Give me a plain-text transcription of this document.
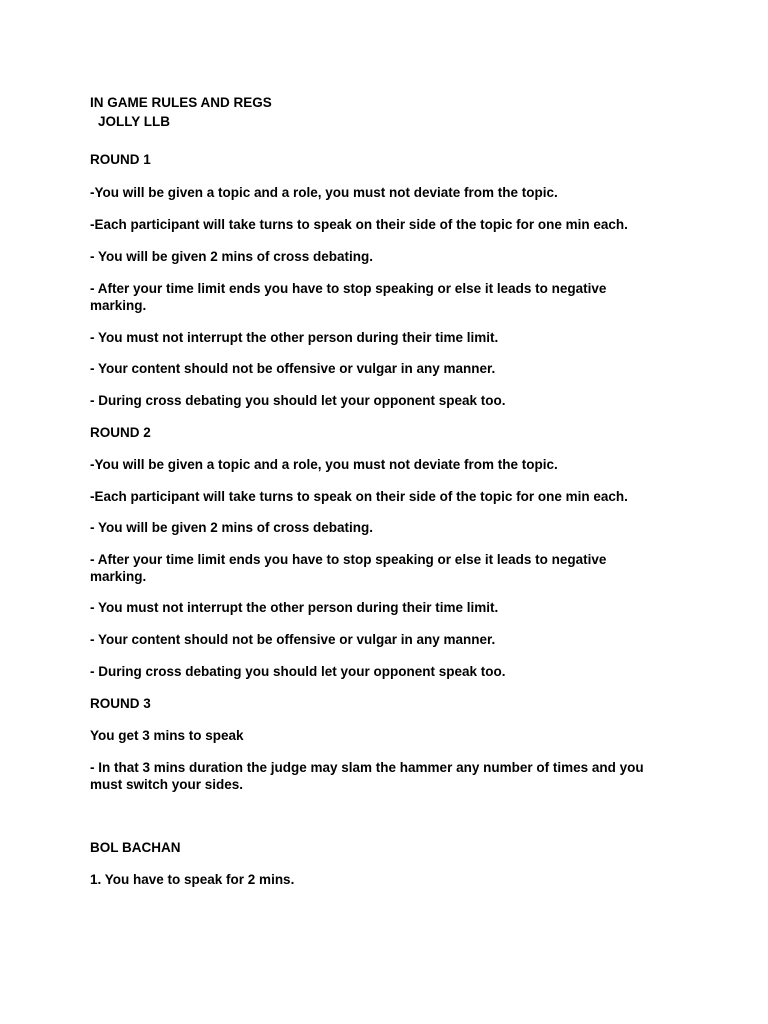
IN GAME RULES AND REGS

JOLLY LLB

ROUND 1

-You will be given a topic and a role, you must not deviate from the topic.

-Each participant will take turns to speak on their side of the topic for one min each.

- You will be given 2 mins of cross debating.

- After your time limit ends you have to stop speaking or else it leads to negative marking.

- You must not interrupt the other person during their time limit.

- Your content should not be offensive or vulgar in any manner.

- During cross debating you should let your opponent speak too.

ROUND 2

-You will be given a topic and a role, you must not deviate from the topic.

-Each participant will take turns to speak on their side of the topic for one min each.

- You will be given 2 mins of cross debating.

- After your time limit ends you have to stop speaking or else it leads to negative marking.

- You must not interrupt the other person during their time limit.

- Your content should not be offensive or vulgar in any manner.

- During cross debating you should let your opponent speak too.

ROUND 3

You get 3 mins to speak

- In that 3 mins duration the judge may slam the hammer any number of times and you must switch your sides.

BOL BACHAN

1. You have to speak for 2 mins.
